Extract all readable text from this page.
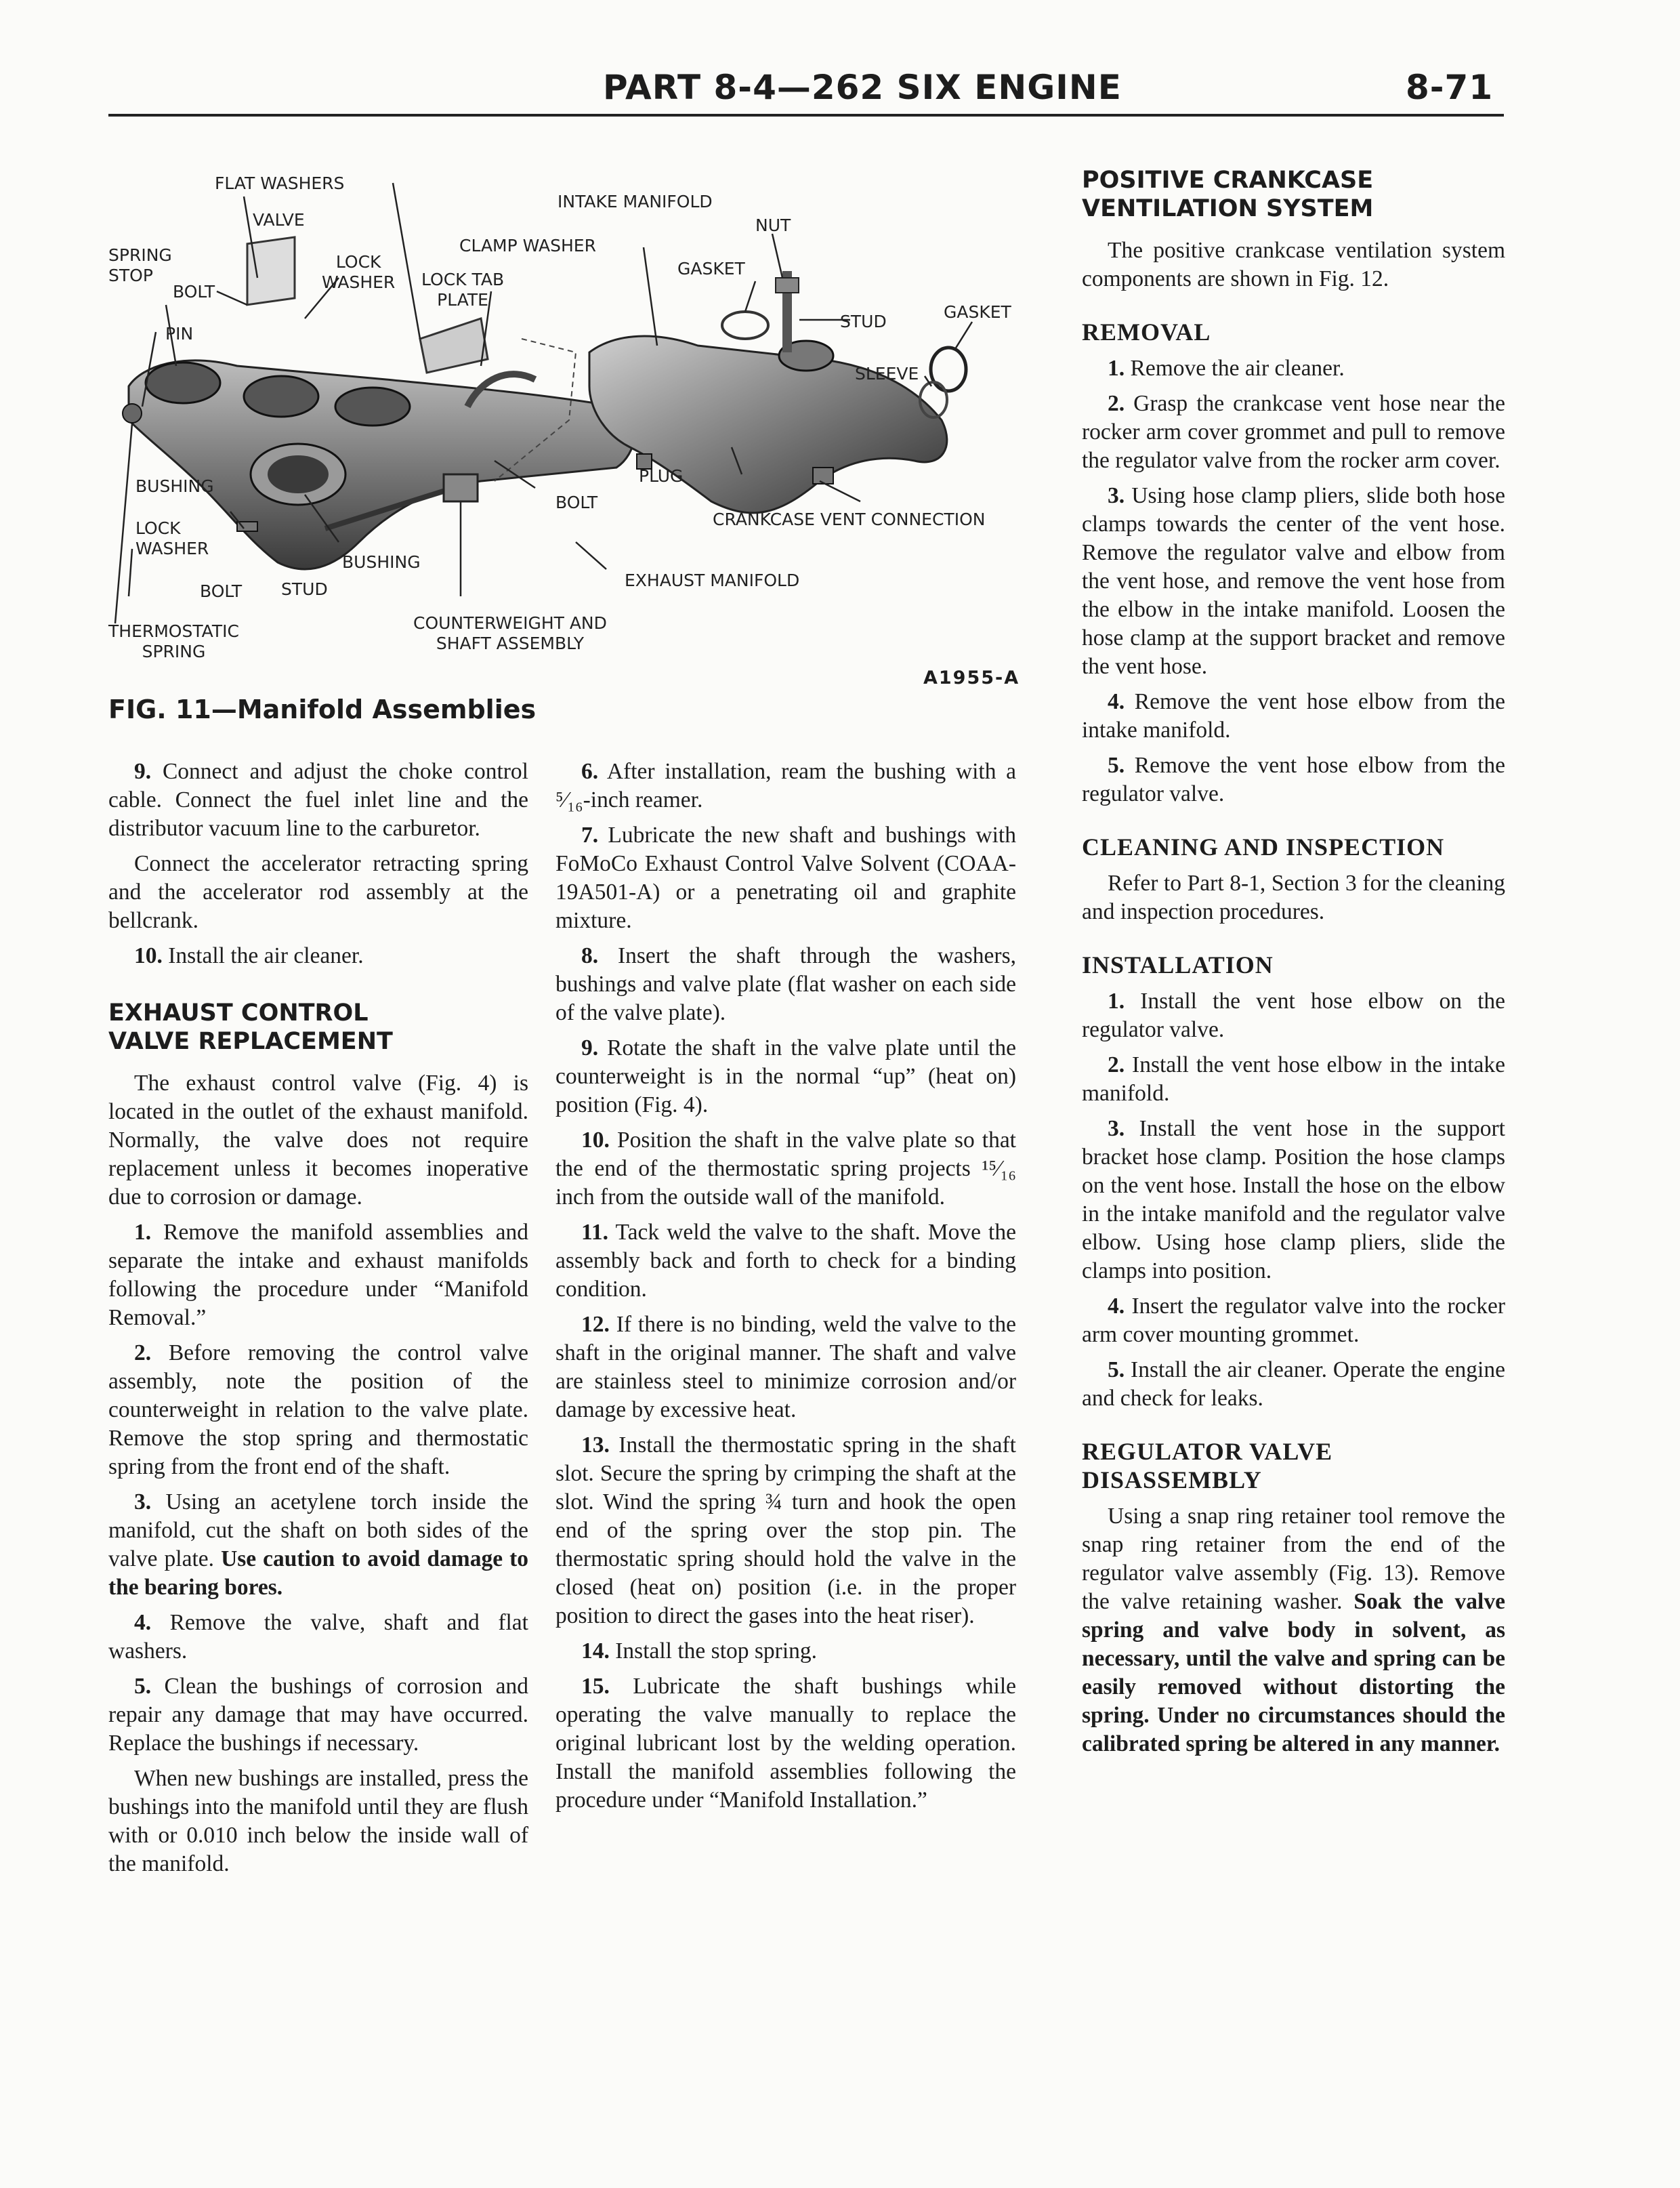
PART 8-4—262 SIX ENGINE	8-71
FLAT WASHERS
VALVE
SPRING
STOP
BOLT
LOCK
WASHER
CLAMP WASHER
LOCK TAB
PLATE
INTAKE MANIFOLD
NUT
GASKET
STUD	GASKET
SLEEVE
PIN
BUSHING
LOCK
WASHER
BOLT STUD
BUSHING
BOLT
PLUG
CRANKCASE VENT CONNECTION
EXHAUST MANIFOLD
THERMOSTATIC
SPRING
COUNTERWEIGHT AND
SHAFT ASSEMBLY
A1955-A
FIG. 11—Manifold Assemblies

9. Connect and adjust the choke control cable. Connect the fuel inlet line and the distributor vacuum line to the carburetor.

Connect the accelerator retracting spring and the accelerator rod assembly at the bellcrank.

10. Install the air cleaner.

EXHAUST CONTROL
VALVE REPLACEMENT

The exhaust control valve (Fig. 4) is located in the outlet of the exhaust manifold. Normally, the valve does not require replacement unless it becomes inoperative due to corrosion or damage.

1. Remove the manifold assemblies and separate the intake and exhaust manifolds following the procedure under “Manifold Removal.”

2. Before removing the control valve assembly, note the position of the counterweight in relation to the valve plate. Remove the stop spring and thermostatic spring from the front end of the shaft.

3. Using an acetylene torch inside the manifold, cut the shaft on both sides of the valve plate. Use caution to avoid damage to the bearing bores.

4. Remove the valve, shaft and flat washers.

5. Clean the bushings of corrosion and repair any damage that may have occurred. Replace the bushings if necessary.

When new bushings are installed, press the bushings into the manifold until they are flush with or 0.010 inch below the inside wall of the manifold.

6. After installation, ream the bushing with a ⁵⁄₁₆-inch reamer.

7. Lubricate the new shaft and bushings with FoMoCo Exhaust Control Valve Solvent (COAA-19A501-A) or a penetrating oil and graphite mixture.

8. Insert the shaft through the washers, bushings and valve plate (flat washer on each side of the valve plate).

9. Rotate the shaft in the valve plate until the counterweight is in the normal “up” (heat on) position (Fig. 4).

10. Position the shaft in the valve plate so that the end of the thermostatic spring projects ¹⁵⁄₁₆ inch from the outside wall of the manifold.

11. Tack weld the valve to the shaft. Move the assembly back and forth to check for a binding condition.

12. If there is no binding, weld the valve to the shaft in the original manner. The shaft and valve are stainless steel to minimize corrosion and/or damage by excessive heat.

13. Install the thermostatic spring in the shaft slot. Secure the spring by crimping the shaft at the slot. Wind the spring ¾ turn and hook the open end of the spring over the stop pin. The thermostatic spring should hold the valve in the closed (heat on) position (i.e. in the proper position to direct the gases into the heat riser).

14. Install the stop spring.

15. Lubricate the shaft bushings while operating the valve manually to replace the original lubricant lost by the welding operation. Install the manifold assemblies following the procedure under “Manifold Installation.”

POSITIVE CRANKCASE
VENTILATION SYSTEM

The positive crankcase ventilation system components are shown in Fig. 12.

REMOVAL

1. Remove the air cleaner.

2. Grasp the crankcase vent hose near the rocker arm cover grommet and pull to remove the regulator valve from the rocker arm cover.

3. Using hose clamp pliers, slide both hose clamps towards the center of the vent hose. Remove the regulator valve and elbow from the vent hose, and remove the vent hose from the elbow in the intake manifold. Loosen the hose clamp at the support bracket and remove the vent hose.

4. Remove the vent hose elbow from the intake manifold.

5. Remove the vent hose elbow from the regulator valve.

CLEANING AND INSPECTION

Refer to Part 8-1, Section 3 for the cleaning and inspection procedures.

INSTALLATION

1. Install the vent hose elbow on the regulator valve.

2. Install the vent hose elbow in the intake manifold.

3. Install the vent hose in the support bracket hose clamp. Position the hose clamps on the vent hose. Install the hose on the elbow in the intake manifold and the regulator valve elbow. Using hose clamp pliers, slide the clamps into position.

4. Insert the regulator valve into the rocker arm cover mounting grommet.

5. Install the air cleaner. Operate the engine and check for leaks.

REGULATOR VALVE
DISASSEMBLY

Using a snap ring retainer tool remove the snap ring retainer from the end of the regulator valve assembly (Fig. 13). Remove the valve retaining washer. Soak the valve spring and valve body in solvent, as necessary, until the valve and spring can be easily removed without distorting the spring. Under no circumstances should the calibrated spring be altered in any manner.
